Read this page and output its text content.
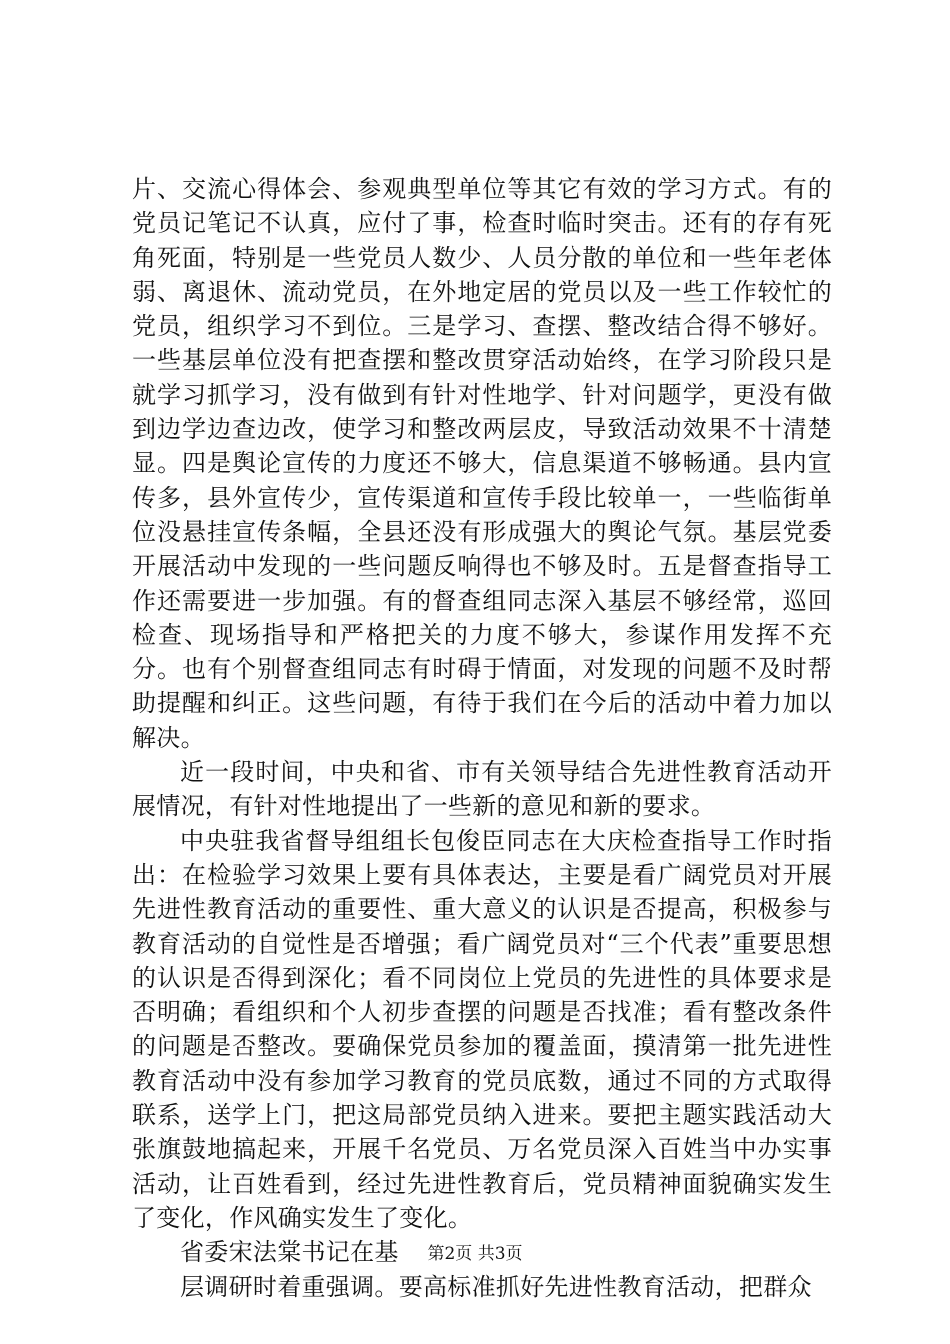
片、交流心得体会、参观典型单位等其它有效的学习方式。有的党员记笔记不认真，应付了事，检查时临时突击。还有的存有死角死面，特别是一些党员人数少、人员分散的单位和一些年老体弱、离退休、流动党员，在外地定居的党员以及一些工作较忙的党员，组织学习不到位。三是学习、查摆、整改结合得不够好。一些基层单位没有把查摆和整改贯穿活动始终，在学习阶段只是就学习抓学习，没有做到有针对性地学、针对问题学，更没有做到边学边查边改，使学习和整改两层皮，导致活动效果不十清楚显。四是舆论宣传的力度还不够大，信息渠道不够畅通。县内宣传多，县外宣传少，宣传渠道和宣传手段比较单一，一些临街单位没悬挂宣传条幅，全县还没有形成强大的舆论气氛。基层党委开展活动中发现的一些问题反响得也不够及时。五是督查指导工作还需要进一步加强。有的督查组同志深入基层不够经常，巡回检查、现场指导和严格把关的力度不够大，参谋作用发挥不充分。也有个别督查组同志有时碍于情面，对发现的问题不及时帮助提醒和纠正。这些问题，有待于我们在今后的活动中着力加以解决。

近一段时间，中央和省、市有关领导结合先进性教育活动开展情况，有针对性地提出了一些新的意见和新的要求。

中央驻我省督导组组长包俊臣同志在大庆检查指导工作时指出：在检验学习效果上要有具体表达，主要是看广阔党员对开展先进性教育活动的重要性、重大意义的认识是否提高，积极参与教育活动的自觉性是否增强；看广阔党员对“三个代表”重要思想的认识是否得到深化；看不同岗位上党员的先进性的具体要求是否明确；看组织和个人初步查摆的问题是否找准；看有整改条件的问题是否整改。要确保党员参加的覆盖面，摸清第一批先进性教育活动中没有参加学习教育的党员底数，通过不同的方式取得联系，送学上门，把这局部党员纳入进来。要把主题实践活动大张旗鼓地搞起来，开展千名党员、万名党员深入百姓当中办实事活动，让百姓看到，经过先进性教育后，党员精神面貌确实发生了变化，作风确实发生了变化。

省委宋法棠书记在基

层调研时着重强调。要高标准抓好先进性教育活动，把群众

第2页 共3页
